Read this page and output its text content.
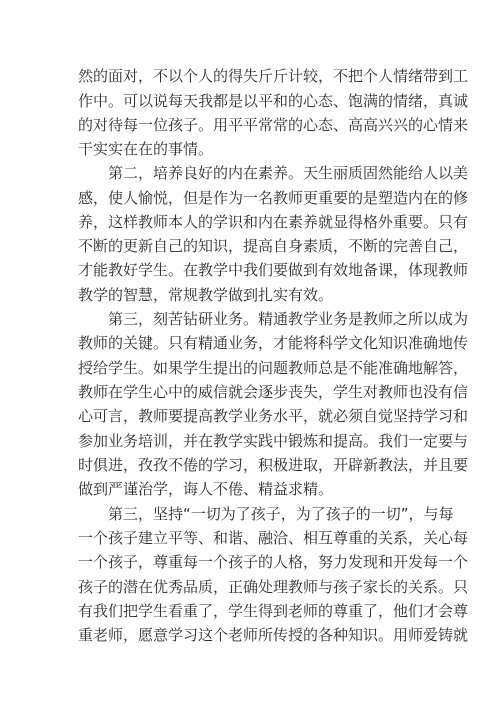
然的面对，不以个人的得失斤斤计较，不把个人情绪带到工
作中。可以说每天我都是以平和的心态、饱满的情绪，真诚
的对待每一位孩子。用平平常常的心态、高高兴兴的心情来
干实实在在的事情。
第二，培养良好的内在素养。天生丽质固然能给人以美
感，使人愉悦，但是作为一名教师更重要的是塑造内在的修
养，这样教师本人的学识和内在素养就显得格外重要。只有
不断的更新自己的知识，提高自身素质，不断的完善自己，
才能教好学生。在教学中我们要做到有效地备课，体现教师
教学的智慧，常规教学做到扎实有效。
第三，刻苦钻研业务。精通教学业务是教师之所以成为
教师的关键。只有精通业务，才能将科学文化知识准确地传
授给学生。如果学生提出的问题教师总是不能准确地解答，
教师在学生心中的威信就会逐步丧失，学生对教师也没有信
心可言，教师要提高教学业务水平，就必须自觉坚持学习和
参加业务培训，并在教学实践中锻炼和提高。我们一定要与
时俱进，孜孜不倦的学习，积极进取，开辟新教法，并且要
做到严谨治学，诲人不倦、精益求精。
第三，坚持“一切为了孩子，为了孩子的一切”，与每
一个孩子建立平等、和谐、融洽、相互尊重的关系，关心每
一个孩子，尊重每一个孩子的人格，努力发现和开发每一个
孩子的潜在优秀品质，正确处理教师与孩子家长的关系。只
有我们把学生看重了，学生得到老师的尊重了，他们才会尊
重老师，愿意学习这个老师所传授的各种知识。用师爱铸就
